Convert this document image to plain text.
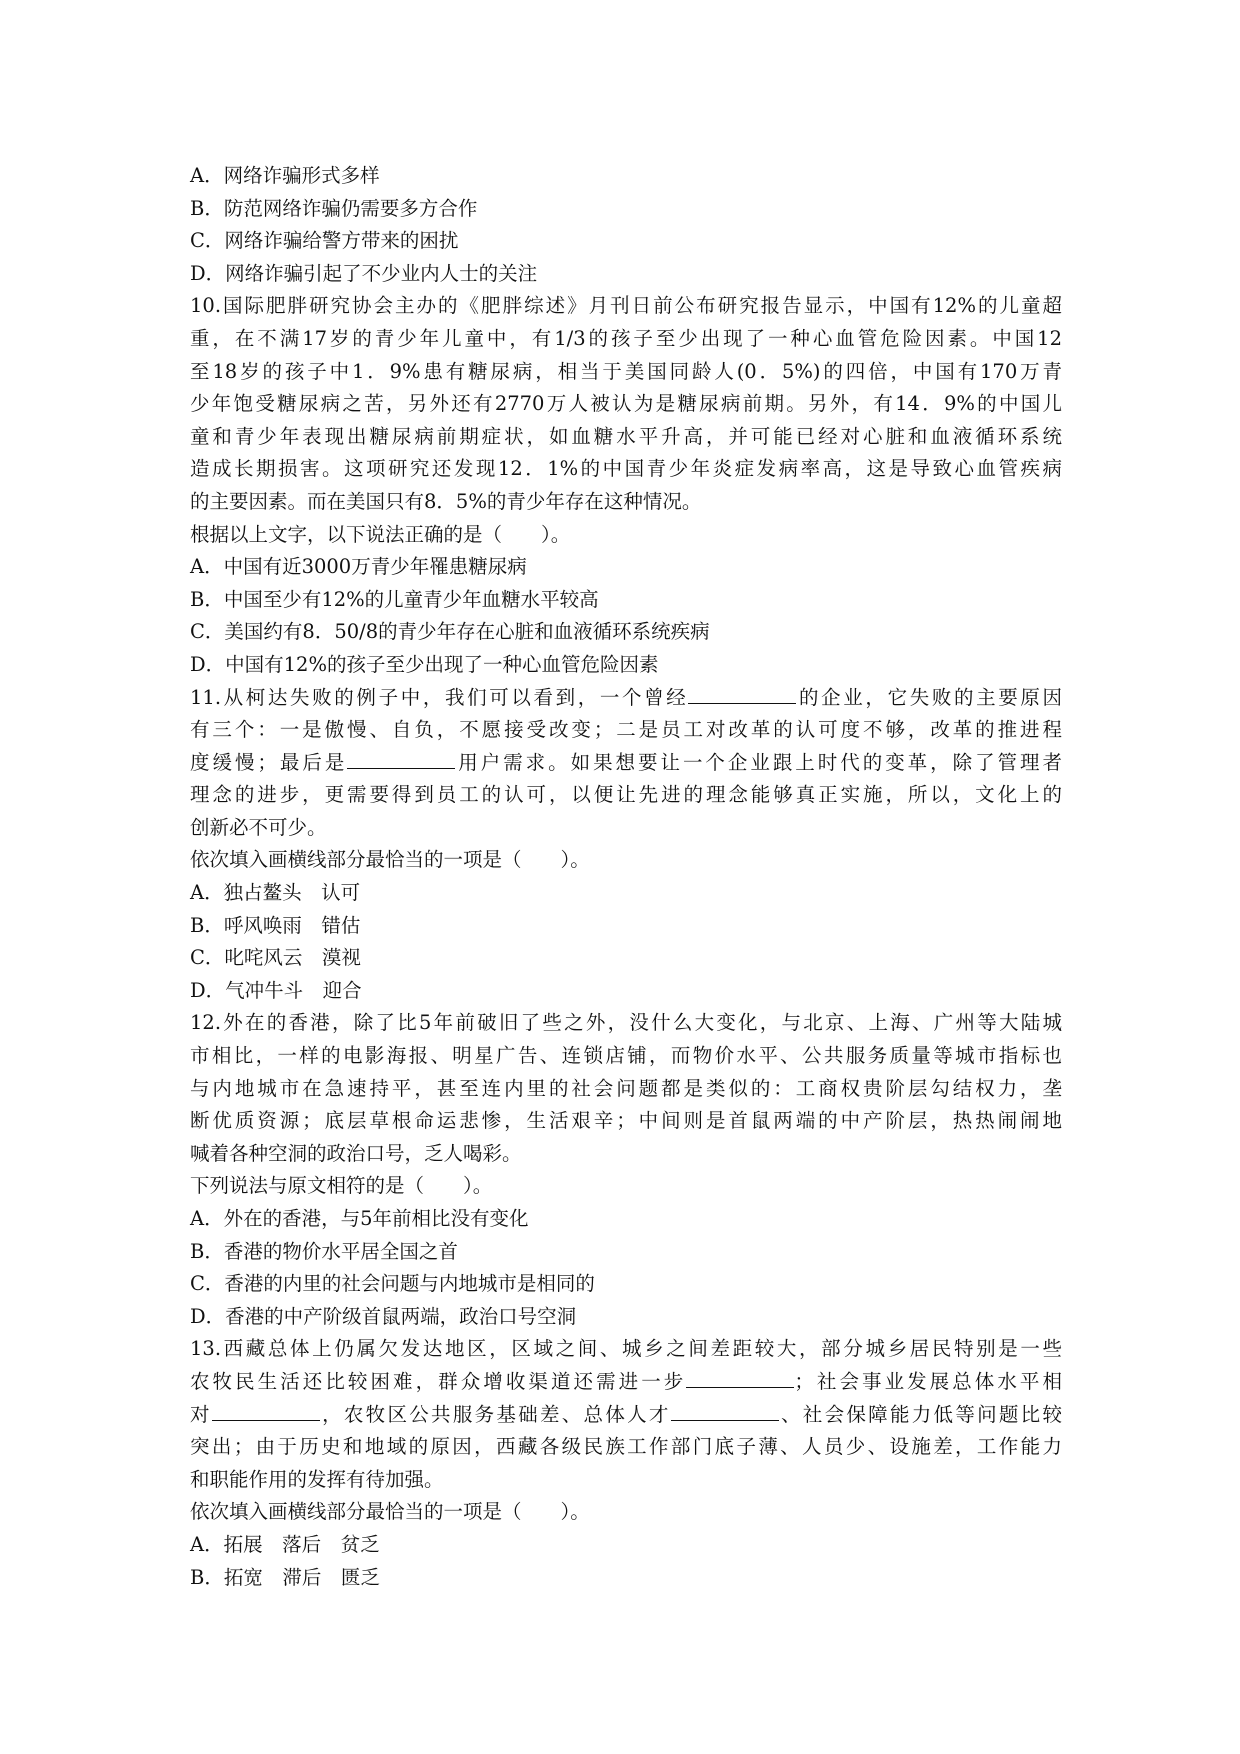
A．网络诈骗形式多样
B．防范网络诈骗仍需要多方合作
C．网络诈骗给警方带来的困扰
D．网络诈骗引起了不少业内人士的关注
10.国际肥胖研究协会主办的《肥胖综述》月刊日前公布研究报告显示，中国有12%的儿童超
重，在不满17岁的青少年儿童中，有1/3的孩子至少出现了一种心血管危险因素。中国12
至18岁的孩子中1．9%患有糖尿病，相当于美国同龄人(0．5%)的四倍，中国有170万青
少年饱受糖尿病之苦，另外还有2770万人被认为是糖尿病前期。另外，有14．9%的中国儿
童和青少年表现出糖尿病前期症状，如血糖水平升高，并可能已经对心脏和血液循环系统
造成长期损害。这项研究还发现12．1%的中国青少年炎症发病率高，这是导致心血管疾病
的主要因素。而在美国只有8．5%的青少年存在这种情况。
根据以上文字，以下说法正确的是（　　）。
A．中国有近3000万青少年罹患糖尿病
B．中国至少有12%的儿童青少年血糖水平较高
C．美国约有8．50/8的青少年存在心脏和血液循环系统疾病
D．中国有12%的孩子至少出现了一种心血管危险因素
11.从柯达失败的例子中，我们可以看到，一个曾经	的企业，它失败的主要原因
有三个：一是傲慢、自负，不愿接受改变；二是员工对改革的认可度不够，改革的推进程
度缓慢；最后是	用户需求。如果想要让一个企业跟上时代的变革，除了管理者
理念的进步，更需要得到员工的认可，以便让先进的理念能够真正实施，所以，文化上的
创新必不可少。
依次填入画横线部分最恰当的一项是（　　）。
A．独占鳌头　认可
B．呼风唤雨　错估
C．叱咤风云　漠视
D．气冲牛斗　迎合
12.外在的香港，除了比5年前破旧了些之外，没什么大变化，与北京、上海、广州等大陆城
市相比，一样的电影海报、明星广告、连锁店铺，而物价水平、公共服务质量等城市指标也
与内地城市在急速持平，甚至连内里的社会问题都是类似的：工商权贵阶层勾结权力，垄
断优质资源；底层草根命运悲惨，生活艰辛；中间则是首鼠两端的中产阶层，热热闹闹地
喊着各种空洞的政治口号，乏人喝彩。
下列说法与原文相符的是（　　）。
A．外在的香港，与5年前相比没有变化
B．香港的物价水平居全国之首
C．香港的内里的社会问题与内地城市是相同的
D．香港的中产阶级首鼠两端，政治口号空洞
13.西藏总体上仍属欠发达地区，区域之间、城乡之间差距较大，部分城乡居民特别是一些
农牧民生活还比较困难，群众增收渠道还需进一步	；社会事业发展总体水平相
对	，农牧区公共服务基础差、总体人才	、社会保障能力低等问题比较
突出；由于历史和地域的原因，西藏各级民族工作部门底子薄、人员少、设施差，工作能力
和职能作用的发挥有待加强。
依次填入画横线部分最恰当的一项是（　　）。
A．拓展　落后　贫乏
B．拓宽　滞后　匮乏
